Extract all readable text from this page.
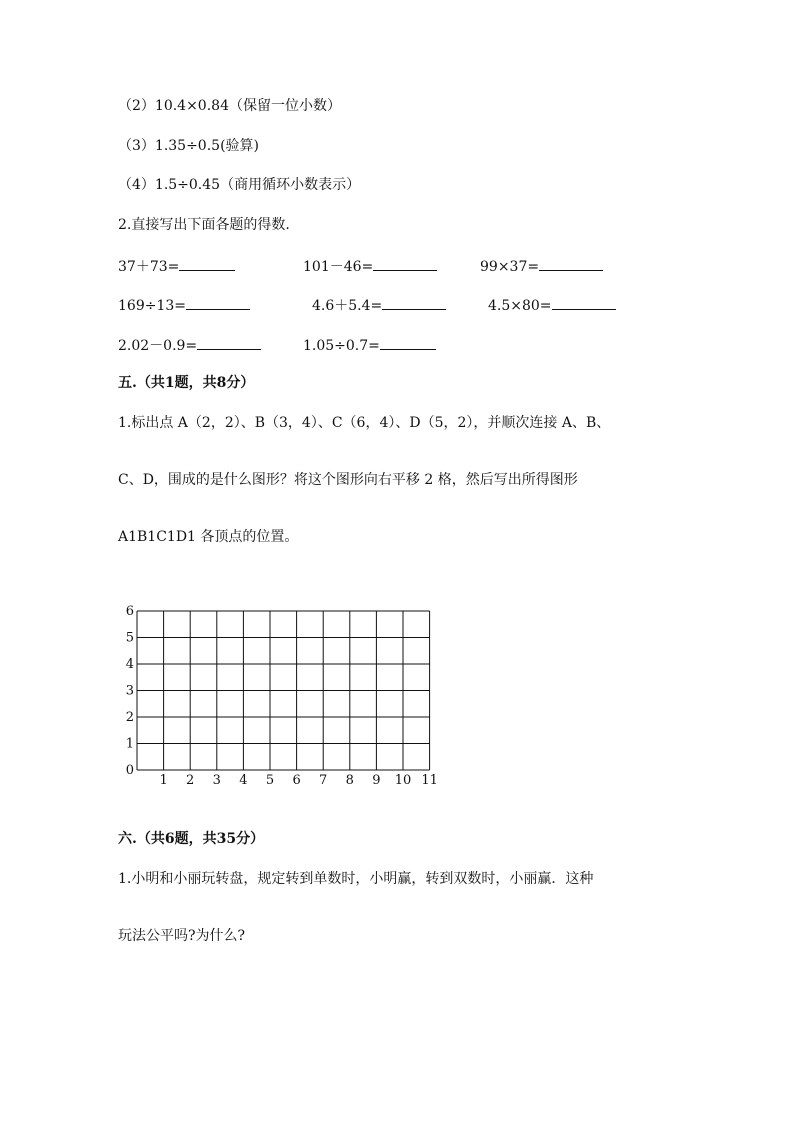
（2）10.4×0.84（保留一位小数）
（3）1.35÷0.5(验算)
（4）1.5÷0.45（商用循环小数表示）
2.直接写出下面各题的得数.
37＋73=	101－46=	99×37=
169÷13=	4.6＋5.4=	4.5×80=
2.02－0.9=	1.05÷0.7=
五.（共1题，共8分）
1.标出点 A（2，2）、B（3，4）、C（6，4）、D（5，2），并顺次连接 A、B、
C、D，围成的是什么图形？将这个图形向右平移 2 格，然后写出所得图形
A1B1C1D1 各顶点的位置。
1 2 3 4 5 6 7 8 9 10 11
0
1
2
3
4
5
6
六.（共6题，共35分）
1.小明和小丽玩转盘，规定转到单数时，小明赢，转到双数时，小丽赢．这种
玩法公平吗?为什么?
